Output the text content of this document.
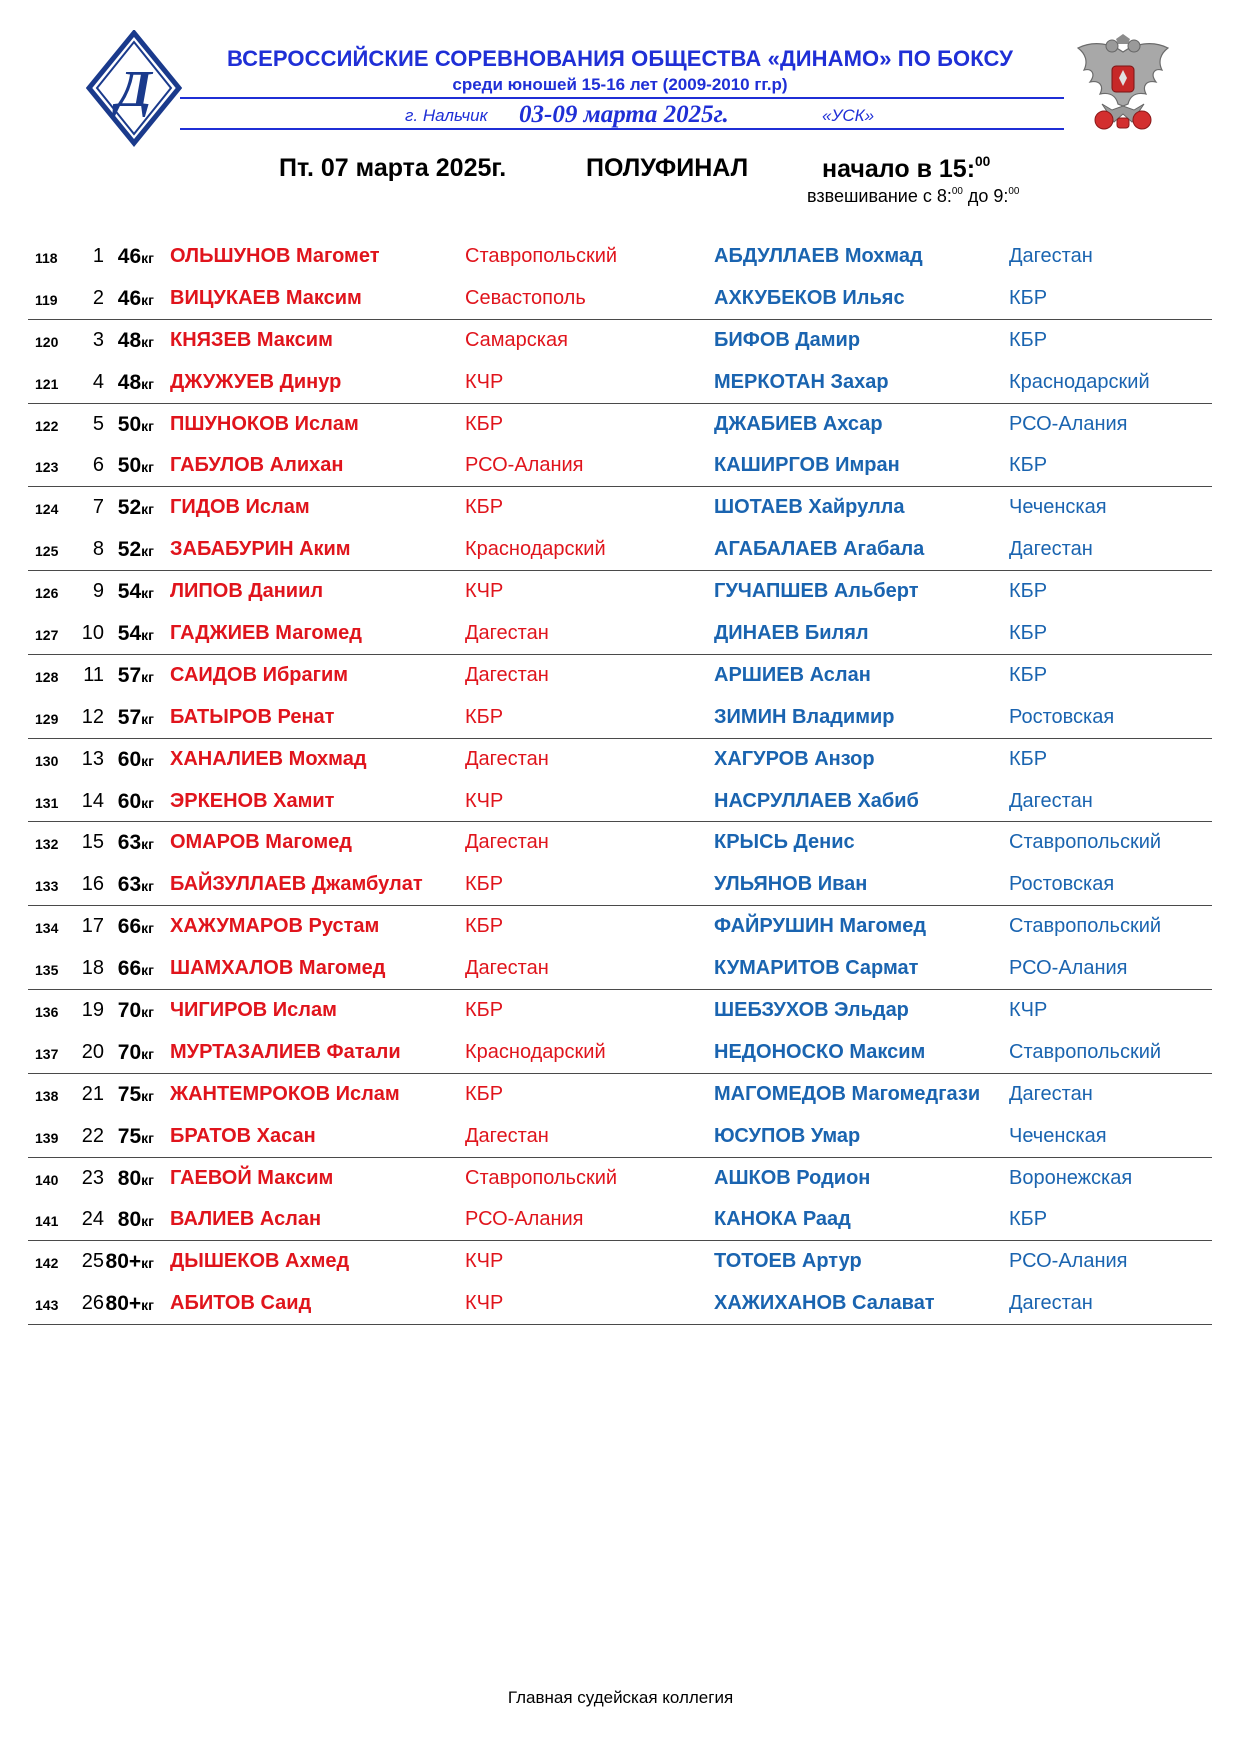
Д
ВСЕРОССИЙСКИЕ СОРЕВНОВАНИЯ ОБЩЕСТВА «ДИНАМО» ПО БОКСУ
среди юношей 15-16 лет (2009-2010 гг.р)
г. Нальчик 03-09 марта 2025г.	«УСК»
Пт. 07 марта 2025г.	ПОЛУФИНАЛ	начало в 15:$^{00}$
взвешивание с 8:$^{00}$ до 9:$^{00}$
118	1 46кг ОЛЬШУНОВ Магомет	Ставропольский	АБДУЛЛАЕВ Мохмад	Дагестан
119	2 46кг ВИЦУКАЕВ Максим	Севастополь	АХКУБЕКОВ Ильяс	КБР
120	3 48кг КНЯЗЕВ Максим	Самарская	БИФОВ Дамир	КБР
121	4 48кг ДЖУЖУЕВ Динур	КЧР	МЕРКОТАН Захар	Краснодарский
122	5 50кг ПШУНОКОВ Ислам	КБР	ДЖАБИЕВ Ахсар	РСО-Алания
123	6 50кг ГАБУЛОВ Алихан	РСО-Алания	КАШИРГОВ Имран	КБР
124	7 52кг ГИДОВ Ислам	КБР	ШОТАЕВ Хайрулла	Чеченская
125	8 52кг ЗАБАБУРИН Аким	Краснодарский	АГАБАЛАЕВ Агабала	Дагестан
126	9 54кг ЛИПОВ Даниил	КЧР	ГУЧАПШЕВ Альберт	КБР
127	10 54кг ГАДЖИЕВ Магомед	Дагестан	ДИНАЕВ Билял	КБР
128	11 57кг САИДОВ Ибрагим	Дагестан	АРШИЕВ Аслан	КБР
129	12 57кг БАТЫРОВ Ренат	КБР	ЗИМИН Владимир	Ростовская
130	13 60кг ХАНАЛИЕВ Мохмад	Дагестан	ХАГУРОВ Анзор	КБР
131	14 60кг ЭРКЕНОВ Хамит	КЧР	НАСРУЛЛАЕВ Хабиб	Дагестан
132	15 63кг ОМАРОВ Магомед	Дагестан	КРЫСЬ Денис	Ставропольский
133	16 63кг БАЙЗУЛЛАЕВ Джамбулат КБР	УЛЬЯНОВ Иван	Ростовская
134	17 66кг ХАЖУМАРОВ Рустам	КБР	ФАЙРУШИН Магомед	Ставропольский
135	18 66кг ШАМХАЛОВ Магомед	Дагестан	КУМАРИТОВ Сармат	РСО-Алания
136	19 70кг ЧИГИРОВ Ислам	КБР	ШЕБЗУХОВ Эльдар	КЧР
137	20 70кг МУРТАЗАЛИЕВ Фатали	Краснодарский	НЕДОНОСКО Максим	Ставропольский
138	21 75кг ЖАНТЕМРОКОВ Ислам	КБР	МАГОМЕДОВ Магомедгази Дагестан
139	22 75кг БРАТОВ Хасан	Дагестан	ЮСУПОВ Умар	Чеченская
140	23 80кг ГАЕВОЙ Максим	Ставропольский	АШКОВ Родион	Воронежская
141	24 80кг ВАЛИЕВ Аслан	РСО-Алания	КАНОКА Раад	КБР
142	25 80+кг ДЫШЕКОВ Ахмед	КЧР	ТОТОЕВ Артур	РСО-Алания
143	26 80+кг АБИТОВ Саид	КЧР	ХАЖИХАНОВ Салават	Дагестан
Главная судейская коллегия
